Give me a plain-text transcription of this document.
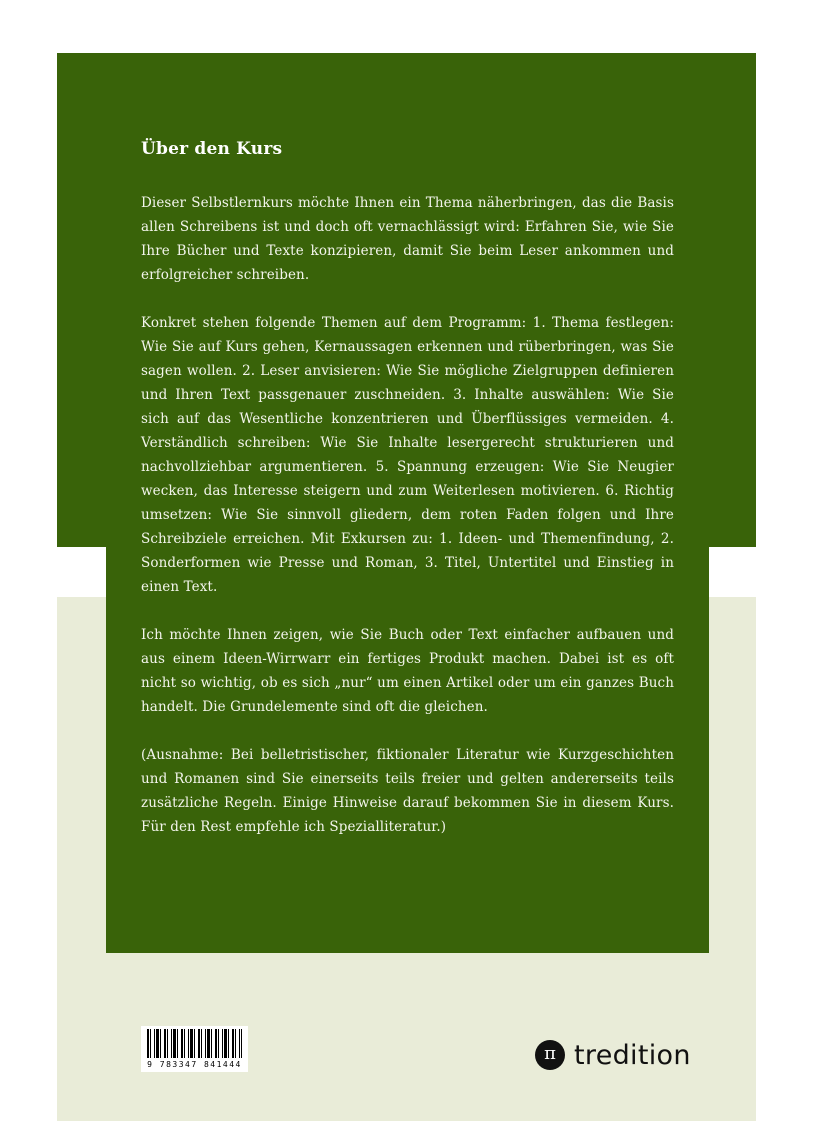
Über den Kurs

Dieser Selbstlernkurs möchte Ihnen ein Thema näherbringen, das die Basis allen Schreibens ist und doch oft vernachlässigt wird: Erfahren Sie, wie Sie Ihre Bücher und Texte konzipieren, damit Sie beim Leser ankommen und erfolgreicher schreiben.

Konkret stehen folgende Themen auf dem Programm: 1. Thema festlegen: Wie Sie auf Kurs gehen, Kernaussagen erkennen und rüberbringen, was Sie sagen wollen. 2. Leser anvisieren: Wie Sie mögliche Zielgruppen definieren und Ihren Text passgenauer zuschneiden. 3. Inhalte auswählen: Wie Sie sich auf das Wesentliche konzentrieren und Überflüssiges vermeiden. 4. Verständlich schreiben: Wie Sie Inhalte lesergerecht strukturieren und nachvollziehbar argumentieren. 5. Spannung erzeugen: Wie Sie Neugier wecken, das Interesse steigern und zum Weiterlesen motivieren. 6. Richtig umsetzen: Wie Sie sinnvoll gliedern, dem roten Faden folgen und Ihre Schreibziele erreichen. Mit Exkursen zu: 1. Ideen- und Themenfindung, 2. Sonderformen wie Presse und Roman, 3. Titel, Untertitel und Einstieg in einen Text.

Ich möchte Ihnen zeigen, wie Sie Buch oder Text einfacher aufbauen und aus einem Ideen-Wirrwarr ein fertiges Produkt machen. Dabei ist es oft nicht so wichtig, ob es sich „nur“ um einen Artikel oder um ein ganzes Buch handelt. Die Grundelemente sind oft die gleichen.

(Ausnahme: Bei belletristischer, fiktionaler Literatur wie Kurzgeschichten und Romanen sind Sie einerseits teils freier und gelten andererseits teils zusätzliche Regeln. Einige Hinweise darauf bekommen Sie in diesem Kurs. Für den Rest empfehle ich Spezialliteratur.)

9 783347 841444
π tredition
